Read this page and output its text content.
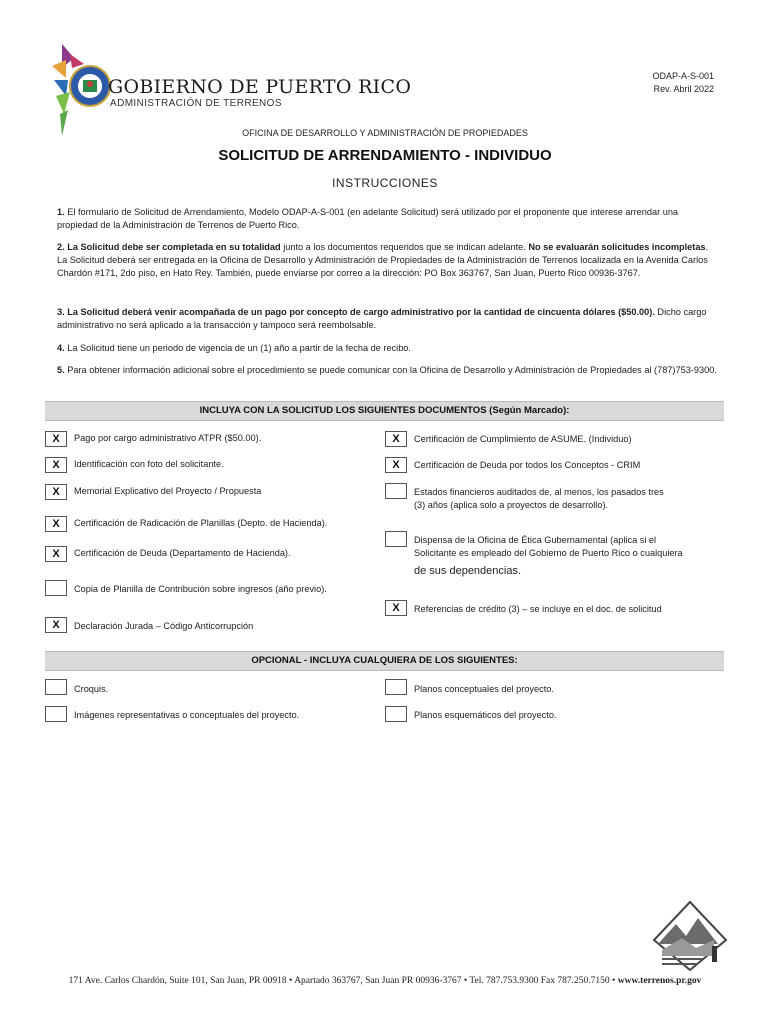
GOBIERNO DE PUERTO RICO
ADMINISTRACIÓN DE TERRENOS
ODAP-A-S-001
Rev. Abril 2022
OFICINA DE DESARROLLO Y ADMINISTRACIÓN DE PROPIEDADES
SOLICITUD DE ARRENDAMIENTO - INDIVIDUO
INSTRUCCIONES
1. El formulario de Solicitud de Arrendamiento, Modelo ODAP-A-S-001 (en adelante Solicitud) será utilizado por el proponente que interese arrendar una propiedad de la Administración de Terrenos de Puerto Rico.
2. La Solicitud debe ser completada en su totalidad junto a los documentos requeridos que se indican adelante. No se evaluarán solicitudes incompletas. La Solicitud deberá ser entregada en la Oficina de Desarrollo y Administración de Propiedades de la Administración de Terrenos localizada en la Avenida Carlos Chardón #171, 2do piso, en Hato Rey. También, puede enviarse por correo a la dirección: PO Box 363767, San Juan, Puerto Rico 00936-3767.
3. La Solicitud deberá venir acompañada de un pago por concepto de cargo administrativo por la cantidad de cincuenta dólares ($50.00). Dicho cargo administrativo no será aplicado a la transacción y tampoco será reembolsable.
4. La Solicitud tiene un periodo de vigencia de un (1) año a partir de la fecha de recibo.
5. Para obtener información adicional sobre el procedimiento se puede comunicar con la Oficina de Desarrollo y Administración de Propiedades al (787)753-9300.
INCLUYA CON LA SOLICITUD LOS SIGUIENTES DOCUMENTOS (Según Marcado):
X	Pago por cargo administrativo ATPR ($50.00).
X	Identificación con foto del solicitante.
X	Memorial Explicativo del Proyecto / Propuesta
X	Certificación de Radicación de Planillas (Depto. de Hacienda).
X	Certificación de Deuda (Departamento de Hacienda).
Copia de Planilla de Contribución sobre ingresos (año previo).
X	Declaración Jurada – Código Anticorrupción
X	Certificación de Cumplimiento de ASUME. (Individuo)
X	Certificación de Deuda por todos los Conceptos - CRIM
Estados financieros auditados de, al menos, los pasados tres
(3) años (aplica solo a proyectos de desarrollo).
Dispensa de la Oficina de Ética Gubernamental (aplica si el
Solicitante es empleado del Gobierno de Puerto Rico o cualquiera
de sus dependencias.
X	Referencias de crédito (3) – se incluye en el doc. de solicitud
OPCIONAL - INCLUYA CUALQUIERA DE LOS SIGUIENTES:
Croquis.
Imágenes representativas o conceptuales del proyecto.
Planos conceptuales del proyecto.
Planos esquemáticos del proyecto.
171 Ave. Carlos Chardón, Suite 101, San Juan, PR 00918 • Apartado 363767, San Juan PR 00936-3767 • Tel. 787.753.9300 Fax 787.250.7150 • www.terrenos.pr.gov
